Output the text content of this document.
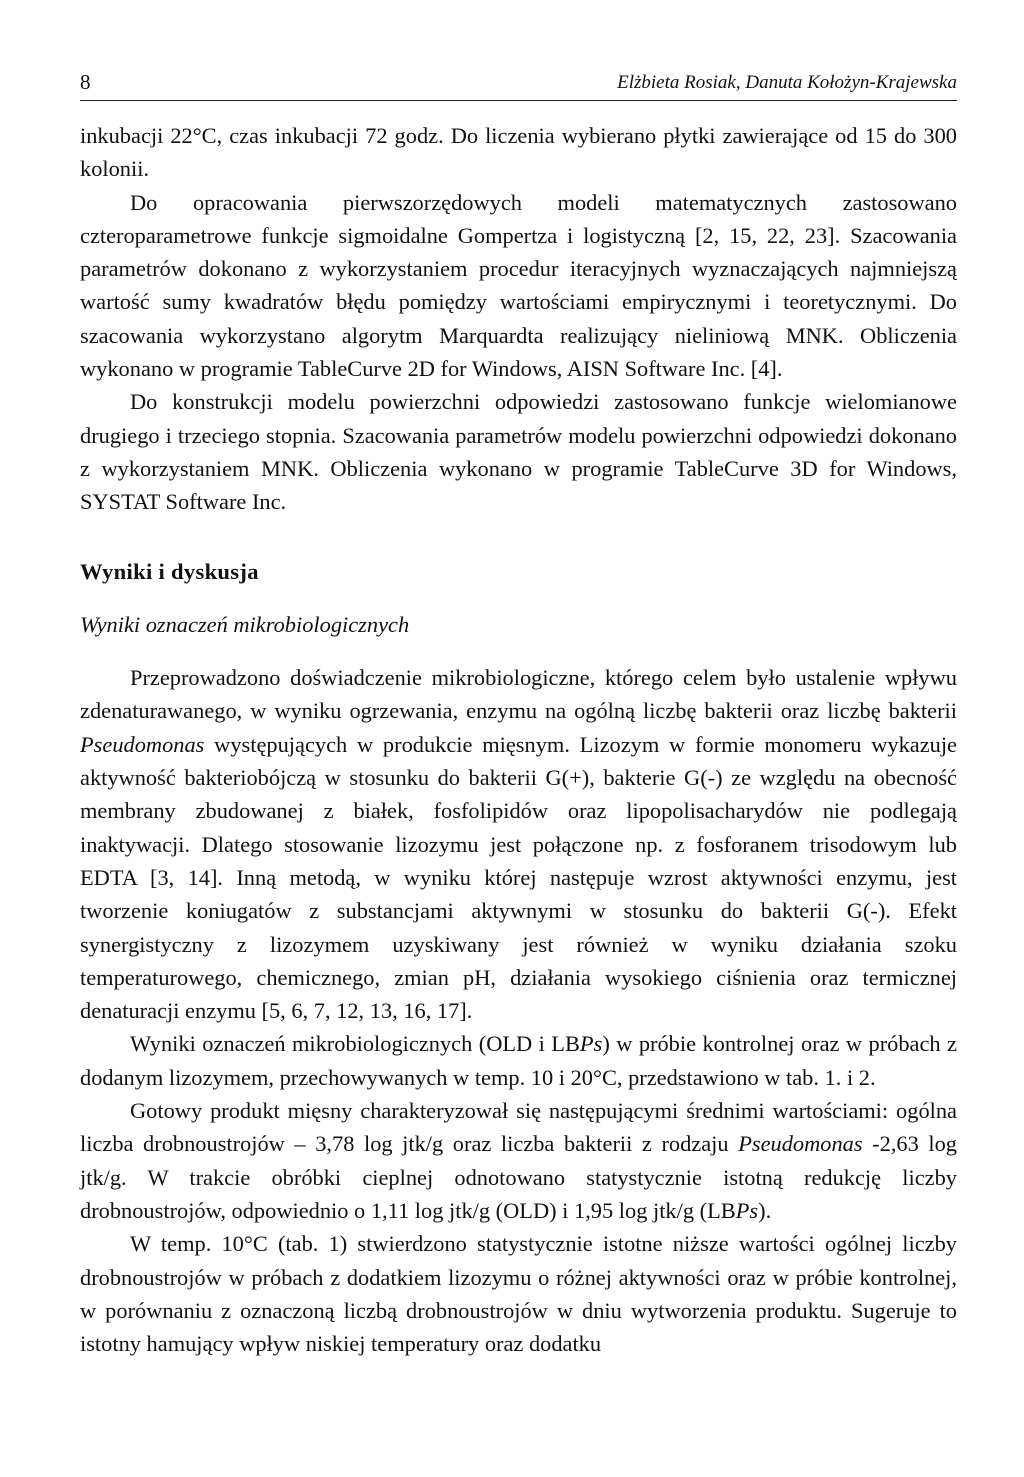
8	Elżbieta Rosiak, Danuta Kołożyn-Krajewska

inkubacji 22°C, czas inkubacji 72 godz. Do liczenia wybierano płytki zawierające od 15 do 300 kolonii.

Do opracowania pierwszorzędowych modeli matematycznych zastosowano czteroparametrowe funkcje sigmoidalne Gompertza i logistyczną [2, 15, 22, 23]. Szacowania parametrów dokonano z wykorzystaniem procedur iteracyjnych wyznaczających najmniejszą wartość sumy kwadratów błędu pomiędzy wartościami empirycznymi i teoretycznymi. Do szacowania wykorzystano algorytm Marquardta realizujący nieliniową MNK. Obliczenia wykonano w programie TableCurve 2D for Windows, AISN Software Inc. [4].

Do konstrukcji modelu powierzchni odpowiedzi zastosowano funkcje wielomianowe drugiego i trzeciego stopnia. Szacowania parametrów modelu powierzchni odpowiedzi dokonano z wykorzystaniem MNK. Obliczenia wykonano w programie TableCurve 3D for Windows, SYSTAT Software Inc.

Wyniki i dyskusja

Wyniki oznaczeń mikrobiologicznych

Przeprowadzono doświadczenie mikrobiologiczne, którego celem było ustalenie wpływu zdenaturawanego, w wyniku ogrzewania, enzymu na ogólną liczbę bakterii oraz liczbę bakterii Pseudomonas występujących w produkcie mięsnym. Lizozym w formie monomeru wykazuje aktywność bakteriobójczą w stosunku do bakterii G(+), bakterie G(-) ze względu na obecność membrany zbudowanej z białek, fosfolipidów oraz lipopolisacharydów nie podlegają inaktywacji. Dlatego stosowanie lizozymu jest połączone np. z fosforanem trisodowym lub EDTA [3, 14]. Inną metodą, w wyniku której następuje wzrost aktywności enzymu, jest tworzenie koniugatów z substancjami aktywnymi w stosunku do bakterii G(-). Efekt synergistyczny z lizozymem uzyskiwany jest również w wyniku działania szoku temperaturowego, chemicznego, zmian pH, działania wysokiego ciśnienia oraz termicznej denaturacji enzymu [5, 6, 7, 12, 13, 16, 17].

Wyniki oznaczeń mikrobiologicznych (OLD i LBPs) w próbie kontrolnej oraz w próbach z dodanym lizozymem, przechowywanych w temp. 10 i 20°C, przedstawiono w tab. 1. i 2.

Gotowy produkt mięsny charakteryzował się następującymi średnimi wartościami: ogólna liczba drobnoustrojów – 3,78 log jtk/g oraz liczba bakterii z rodzaju Pseudomonas -2,63 log jtk/g. W trakcie obróbki cieplnej odnotowano statystycznie istotną redukcję liczby drobnoustrojów, odpowiednio o 1,11 log jtk/g (OLD) i 1,95 log jtk/g (LBPs).

W temp. 10°C (tab. 1) stwierdzono statystycznie istotne niższe wartości ogólnej liczby drobnoustrojów w próbach z dodatkiem lizozymu o różnej aktywności oraz w próbie kontrolnej, w porównaniu z oznaczoną liczbą drobnoustrojów w dniu wytworzenia produktu. Sugeruje to istotny hamujący wpływ niskiej temperatury oraz dodatku
